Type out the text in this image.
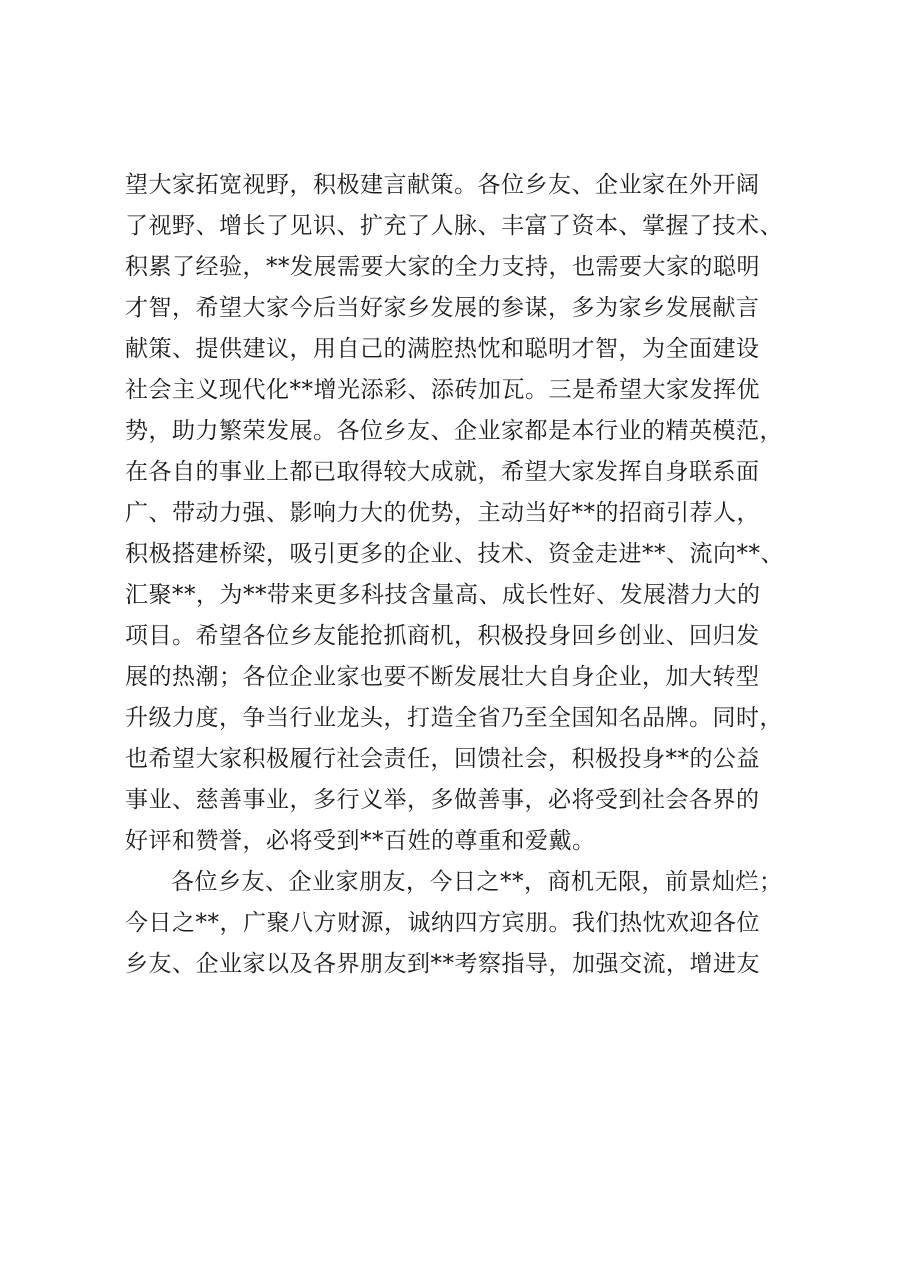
望大家拓宽视野，积极建言献策。各位乡友、企业家在外开阔
了视野、增长了见识、扩充了人脉、丰富了资本、掌握了技术、
积累了经验，**发展需要大家的全力支持，也需要大家的聪明
才智，希望大家今后当好家乡发展的参谋，多为家乡发展献言
献策、提供建议，用自己的满腔热忱和聪明才智，为全面建设
社会主义现代化**增光添彩、添砖加瓦。三是希望大家发挥优
势，助力繁荣发展。各位乡友、企业家都是本行业的精英模范，
在各自的事业上都已取得较大成就，希望大家发挥自身联系面
广、带动力强、影响力大的优势，主动当好**的招商引荐人，
积极搭建桥梁，吸引更多的企业、技术、资金走进**、流向**、
汇聚**，为**带来更多科技含量高、成长性好、发展潜力大的
项目。希望各位乡友能抢抓商机，积极投身回乡创业、回归发
展的热潮；各位企业家也要不断发展壮大自身企业，加大转型
升级力度，争当行业龙头，打造全省乃至全国知名品牌。同时，
也希望大家积极履行社会责任，回馈社会，积极投身**的公益
事业、慈善事业，多行义举，多做善事，必将受到社会各界的
好评和赞誉，必将受到**百姓的尊重和爱戴。
各位乡友、企业家朋友，今日之**，商机无限，前景灿烂；
今日之**，广聚八方财源，诚纳四方宾朋。我们热忱欢迎各位
乡友、企业家以及各界朋友到**考察指导，加强交流，增进友
